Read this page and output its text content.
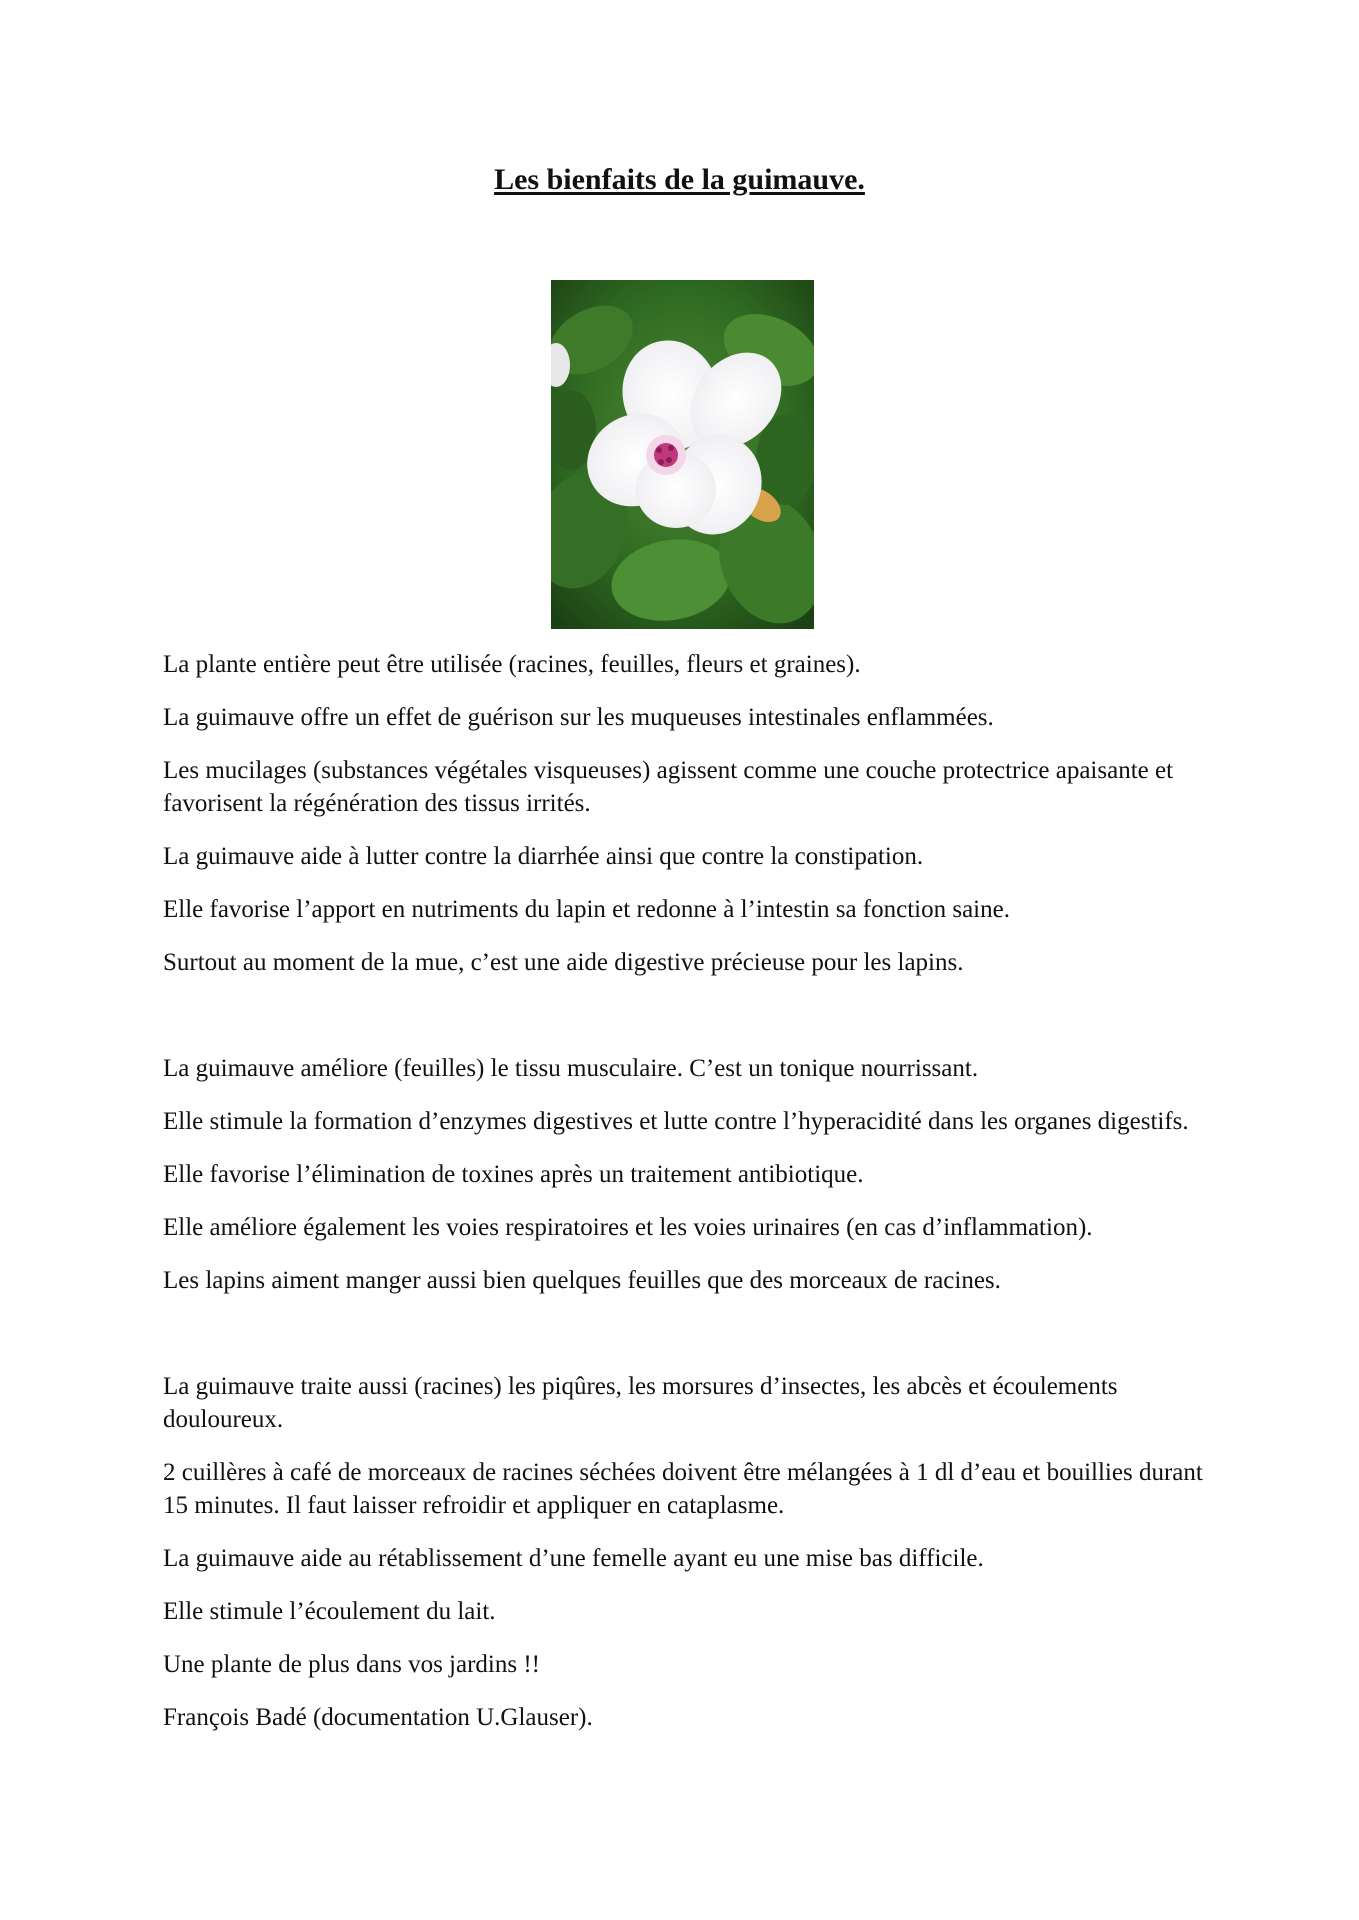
Les bienfaits de la guimauve.

La plante entière peut être utilisée (racines, feuilles, fleurs et graines).

La guimauve offre un effet de guérison sur les muqueuses intestinales enflammées.

Les mucilages (substances végétales visqueuses) agissent comme une couche protectrice apaisante et favorisent la régénération des tissus irrités.

La guimauve aide à lutter contre la diarrhée ainsi que contre la constipation.

Elle favorise l’apport en nutriments du lapin et redonne à l’intestin sa fonction saine.

Surtout au moment de la mue, c’est une aide digestive précieuse pour les lapins.

La guimauve améliore (feuilles) le tissu musculaire. C’est un tonique nourrissant.

Elle stimule la formation d’enzymes digestives et lutte contre l’hyperacidité dans les organes digestifs.

Elle favorise l’élimination de toxines après un traitement antibiotique.

Elle améliore également les voies respiratoires et les voies urinaires (en cas d’inflammation).

Les lapins aiment manger aussi bien quelques feuilles que des morceaux de racines.

La guimauve traite aussi (racines) les piqûres, les morsures d’insectes, les abcès et écoulements douloureux.

2 cuillères à café de morceaux de racines séchées doivent être mélangées à 1 dl d’eau et bouillies durant 15 minutes. Il faut laisser refroidir et appliquer en cataplasme.

La guimauve aide au rétablissement d’une femelle ayant eu une mise bas difficile.

Elle stimule l’écoulement du lait.

Une plante de plus dans vos jardins !!

François Badé (documentation U.Glauser).
